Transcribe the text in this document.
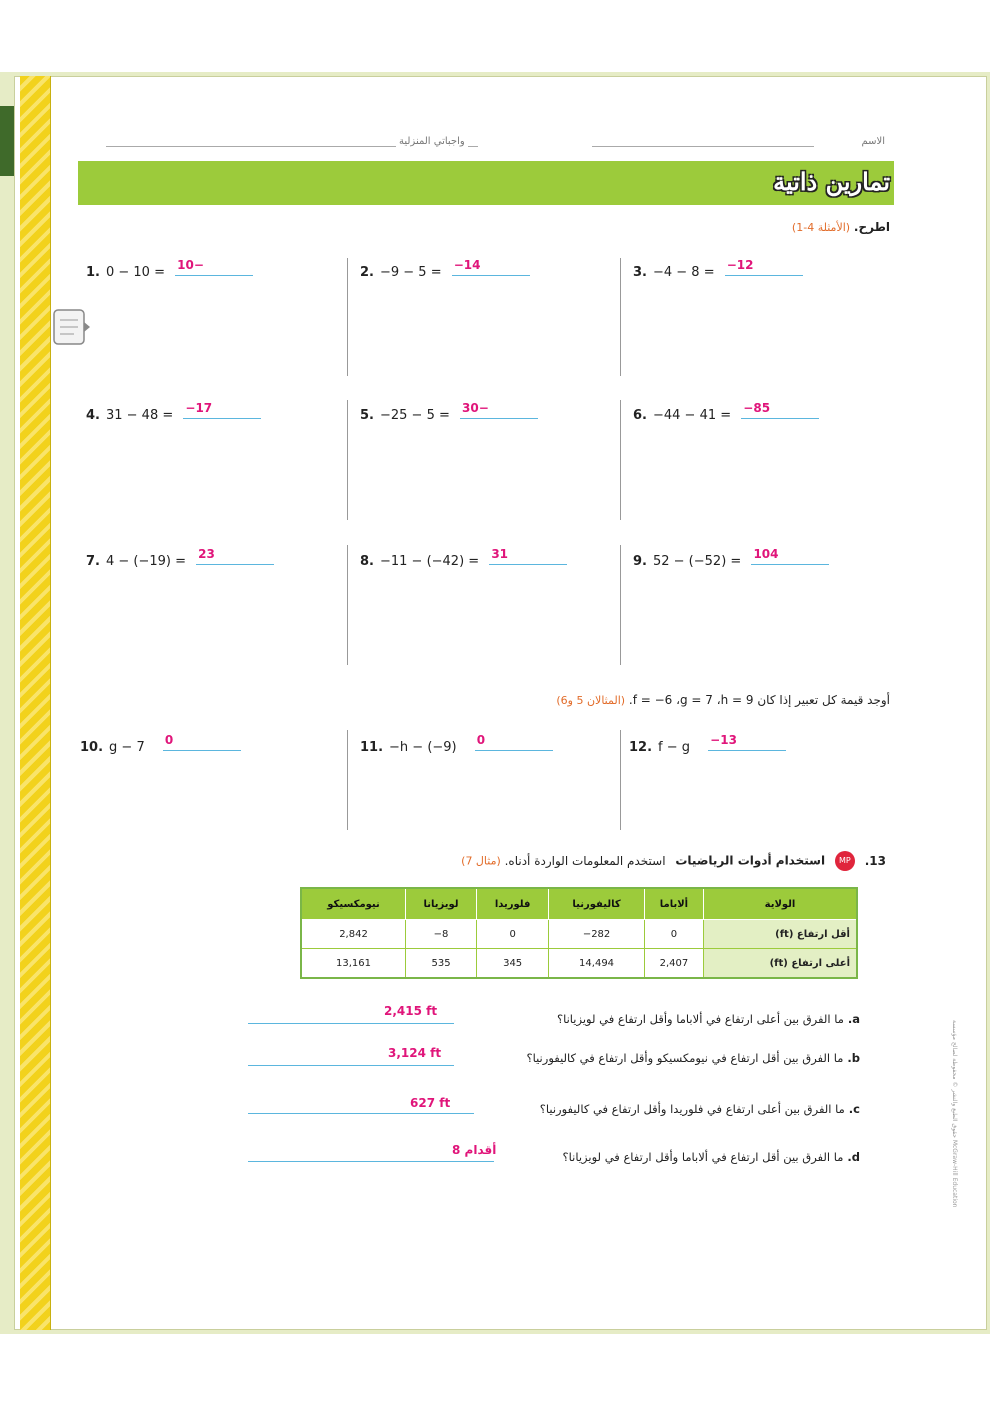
واجباتي المنزلية	الاسم
تمارين ذاتية
اطرح. (الأمثلة 4-1)
1. 0 − 10 = 10−	2. −9 − 5 = −14	3. −4 − 8 = −12
4. 31 − 48 = −17	5. −25 − 5 = 30−	6. −44 − 41 = −85
7. 4 − (−19) = 23	8. −11 − (−42) = 31	9. 52 − (−52) = 104
أوجد قيمة كل تعبير إذا كان f = −6 ،g = 7 ،h = 9. (المثالان 5 و6)
10. g − 7 0	11. −h − (−9) 0	12. f − g −13
13. MP استخدام أدوات الرياضيات استخدم المعلومات الواردة أدناه. (مثال 7)
نيومكسيكو	لويزيانا	فلوريدا	كاليفورنيا	ألاباما	الولاية
2,842	−8	0	−282	0	أقل ارتفاع (ft)
13,161	535	345	14,494	2,407	أعلى ارتفاع (ft)
a.ما الفرق بين أعلى ارتفاع في ألاباما وأقل ارتفاع في لويزيانا؟
2,415 ft
b.ما الفرق بين أقل ارتفاع في نيومكسيكو وأقل ارتفاع في كاليفورنيا؟
3,124 ft
c.ما الفرق بين أعلى ارتفاع في فلوريدا وأقل ارتفاع في كاليفورنيا؟
627 ft
d.ما الفرق بين أقل ارتفاع في ألاباما وأقل ارتفاع في لويزيانا؟
8 أقدام
حقوق الطبع والنشر © محفوظة لصالح مؤسسة McGraw-Hill Education
